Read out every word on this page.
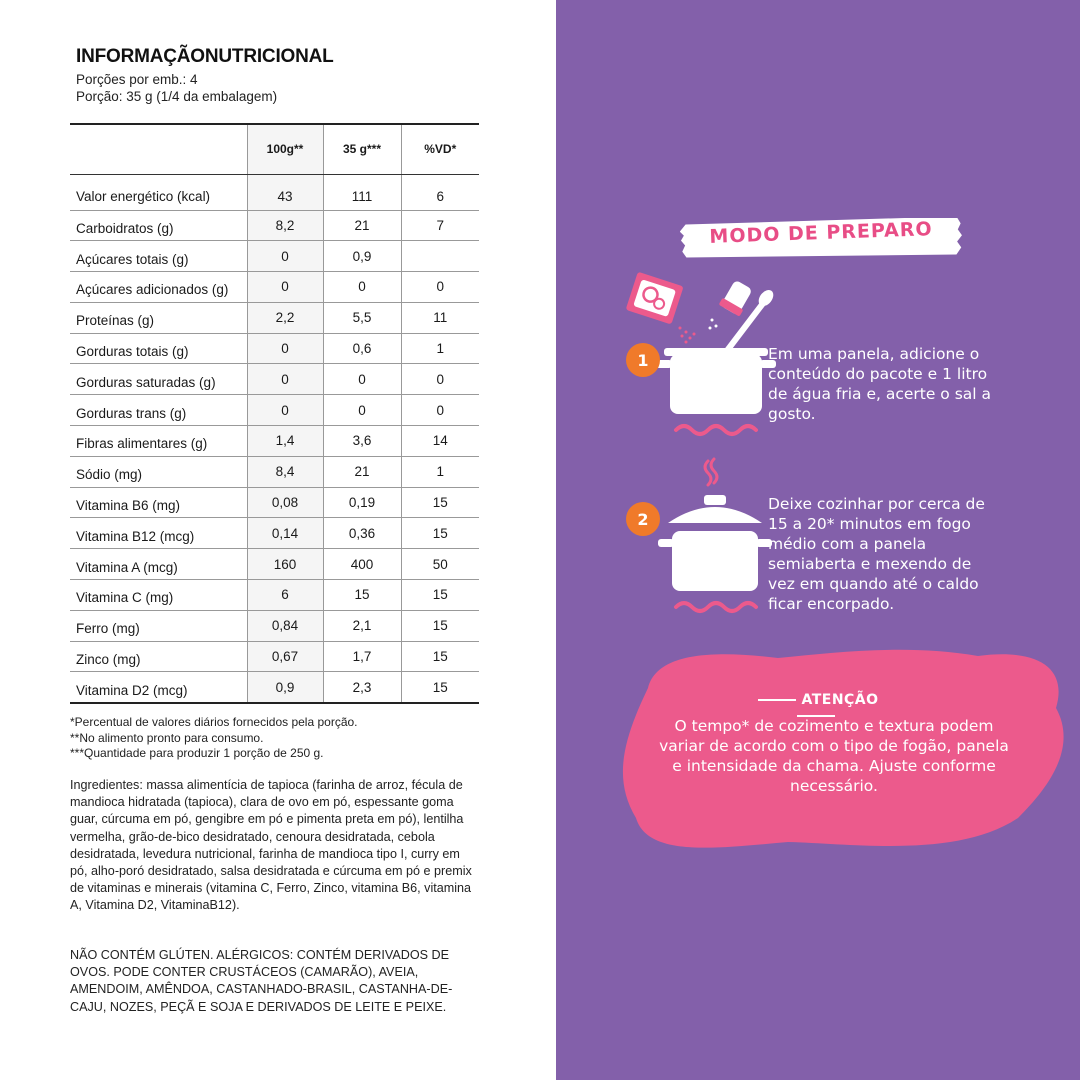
INFORMAÇÃONUTRICIONAL
Porções por emb.: 4
Porção: 35 g (1/4 da embalagem)
	100g**	35 g***	%VD*
Valor energético (kcal)	43	111	6
Carboidratos (g)	8,2	21	7
Açúcares totais (g)	0	0,9	
Açúcares adicionados (g)	0	0	0
Proteínas (g)	2,2	5,5	11
Gorduras totais (g)	0	0,6	1
Gorduras saturadas (g)	0	0	0
Gorduras trans (g)	0	0	0
Fibras alimentares (g)	1,4	3,6	14
Sódio (mg)	8,4	21	1
Vitamina B6 (mg)	0,08	0,19	15
Vitamina B12 (mcg)	0,14	0,36	15
Vitamina A (mcg)	160	400	50
Vitamina C (mg)	6	15	15
Ferro (mg)	0,84	2,1	15
Zinco (mg)	0,67	1,7	15
Vitamina D2 (mcg)	0,9	2,3	15
*Percentual de valores diários fornecidos pela porção.
**No alimento pronto para consumo.
***Quantidade para produzir 1 porção de 250 g.
Ingredientes: massa alimentícia de tapioca (farinha de arroz, fécula de mandioca hidratada (tapioca), clara de ovo em pó, espessante goma guar, cúrcuma em pó, gengibre em pó e pimenta preta em pó), lentilha vermelha, grão-de-bico desidratado, cenoura desidratada, cebola desidratada, levedura nutricional, farinha de mandioca tipo I, curry em pó, alho-poró desidratado, salsa desidratada e cúrcuma em pó e premix de vitaminas e minerais (vitamina C, Ferro, Zinco, vitamina B6, vitamina A, Vitamina D2, VitaminaB12).
NÃO CONTÉM GLÚTEN. ALÉRGICOS: CONTÉM DERIVADOS DE OVOS. PODE CONTER CRUSTÁCEOS (CAMARÃO), AVEIA, AMENDOIM, AMÊNDOA, CASTANHADO-BRASIL, CASTANHA-DE-CAJU, NOZES, PEÇÃ E SOJA E DERIVADOS DE LEITE E PEIXE.
MODO DE PREPARO
1	Em uma panela, adicione o conteúdo do pacote e 1 litro de água fria e, acerte o sal a gosto.
2
Deixe cozinhar por cerca de 15 a 20* minutos em fogo médio com a panela semiaberta e mexendo de vez em quando até o caldo ficar encorpado.
ATENÇÃO
O tempo* de cozimento e textura podem variar de acordo com o tipo de fogão, panela e intensidade da chama. Ajuste conforme necessário.
